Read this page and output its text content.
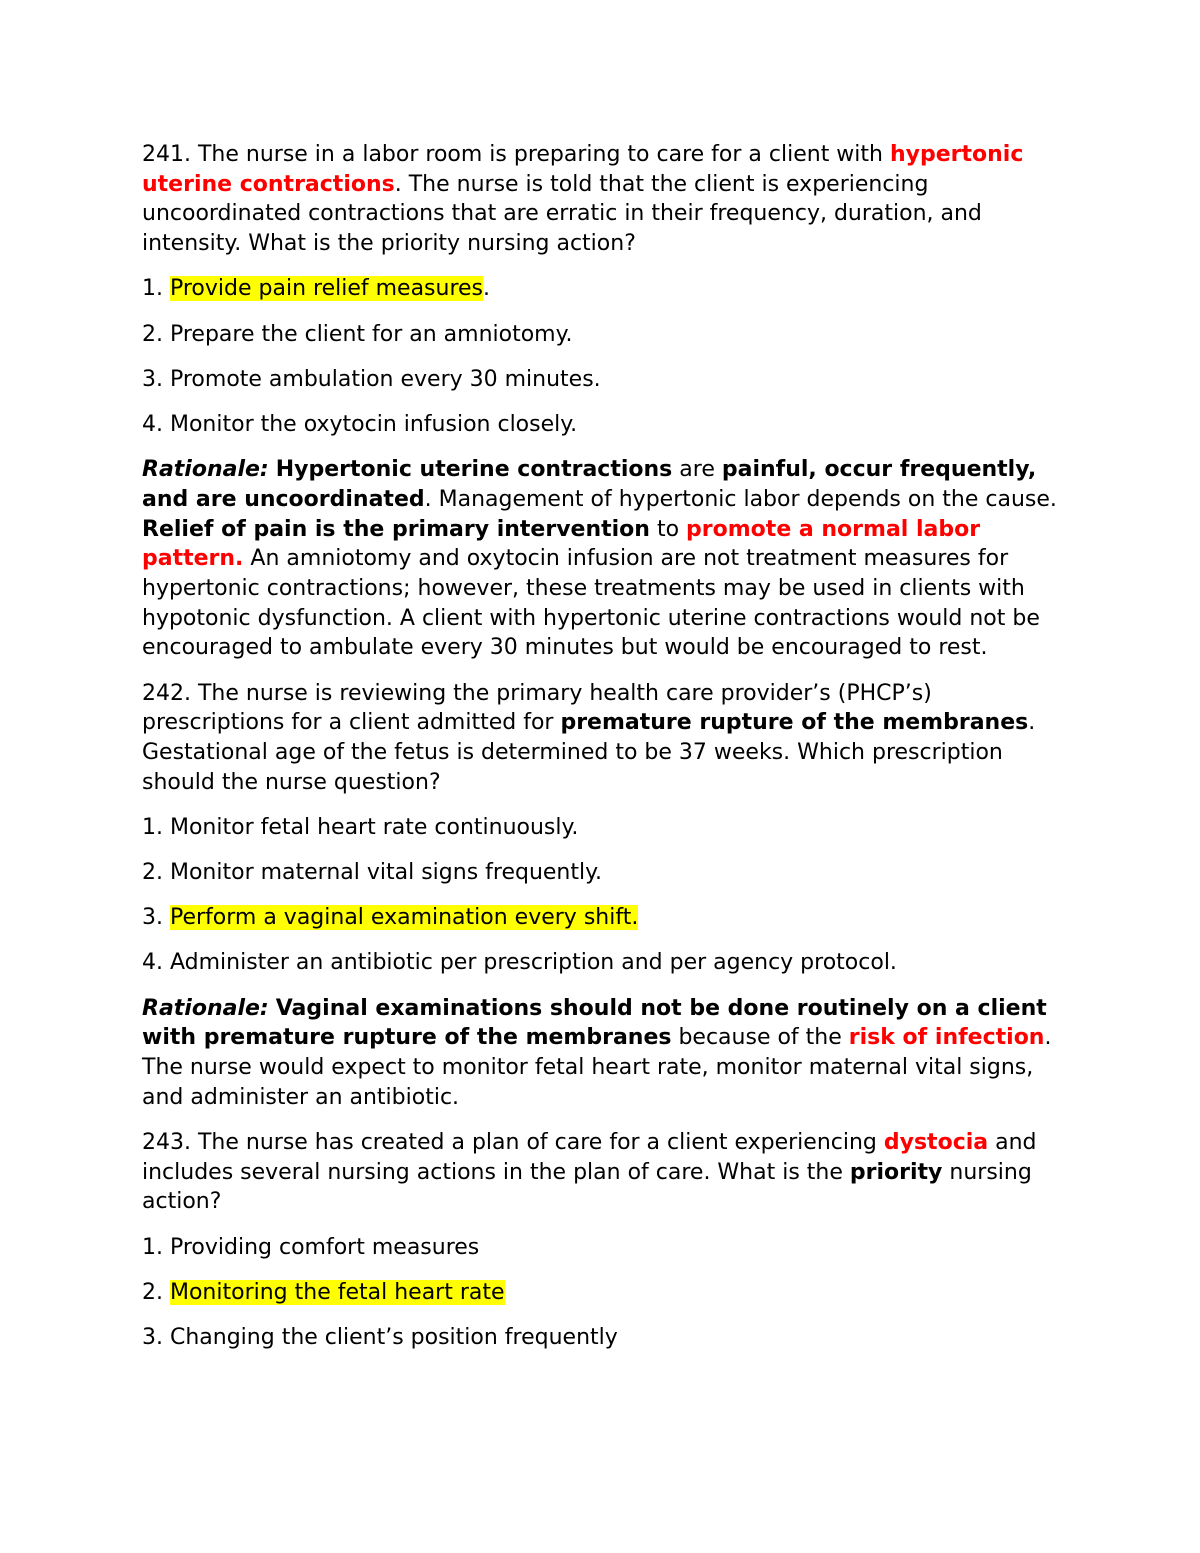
241. The nurse in a labor room is preparing to care for a client with hypertonic uterine contractions. The nurse is told that the client is experiencing uncoordinated contractions that are erratic in their frequency, duration, and intensity. What is the priority nursing action?

1. Provide pain relief measures.

2. Prepare the client for an amniotomy.

3. Promote ambulation every 30 minutes.

4. Monitor the oxytocin infusion closely.

Rationale: Hypertonic uterine contractions are painful, occur frequently, and are uncoordinated. Management of hypertonic labor depends on the cause. Relief of pain is the primary intervention to promote a normal labor pattern. An amniotomy and oxytocin infusion are not treatment measures for hypertonic contractions; however, these treatments may be used in clients with hypotonic dysfunction. A client with hypertonic uterine contractions would not be encouraged to ambulate every 30 minutes but would be encouraged to rest.

242. The nurse is reviewing the primary health care provider’s (PHCP’s) prescriptions for a client admitted for premature rupture of the membranes. Gestational age of the fetus is determined to be 37 weeks. Which prescription should the nurse question?

1. Monitor fetal heart rate continuously.

2. Monitor maternal vital signs frequently.

3. Perform a vaginal examination every shift.

4. Administer an antibiotic per prescription and per agency protocol.

Rationale: Vaginal examinations should not be done routinely on a client with premature rupture of the membranes because of the risk of infection. The nurse would expect to monitor fetal heart rate, monitor maternal vital signs, and administer an antibiotic.

243. The nurse has created a plan of care for a client experiencing dystocia and includes several nursing actions in the plan of care. What is the priority nursing action?

1. Providing comfort measures

2. Monitoring the fetal heart rate

3. Changing the client’s position frequently
